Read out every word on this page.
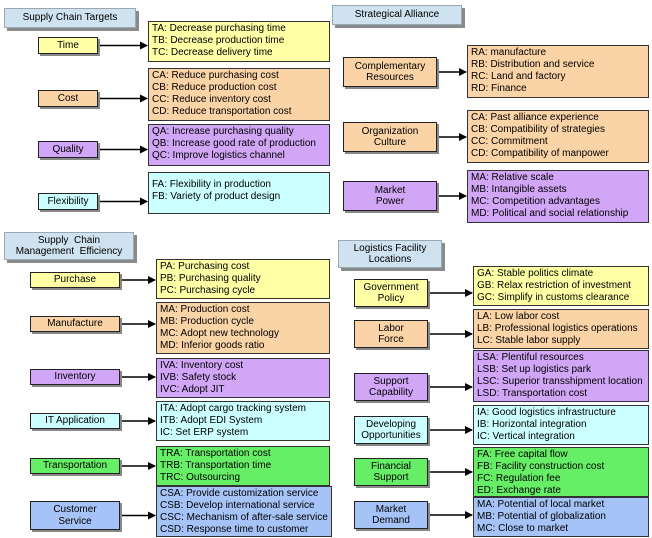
Supply Chain Targets	Strategical Alliance
Supply  Chain
Management  Efficiency	Logistics Facility
Locations
Time
TA: Decrease purchasing time
TB: Decrease production time
TC: Decrease delivery time
Cost
CA: Reduce purchasing cost
CB: Reduce production cost
CC: Reduce inventory cost
CD: Reduce transportation cost
Quality
QA: Increase purchasing quality
QB: Increase good rate of production
QC: Improve logistics channel
Flexibility
FA: Flexibility in production
FB: Variety of product design
Complementary
Resources
RA: manufacture
RB: Distribution and service
RC: Land and factory
RD: Finance
Organization
Culture
CA: Past alliance experience
CB: Compatibility of strategies
CC: Commitment
CD: Compatibility of manpower
Market
Power
MA: Relative scale
MB: Intangible assets
MC: Competition advantages
MD: Political and social relationship
Purchase
PA: Purchasing cost
PB: Purchasing quality
PC: Purchasing cycle
Manufacture
MA: Production cost
MB: Production cycle
MC: Adopt new technology
MD: Inferior goods ratio
Inventory
IVA: Inventory cost
IVB: Safety stock
IVC: Adopt JIT
IT Application
ITA: Adopt cargo tracking system
ITB: Adopt EDI System
IC: Set ERP system
Transportation
TRA: Transportation cost
TRB: Transportation time
TRC: Outsourcing
Customer
Service
CSA: Provide customization service
CSB: Develop international service
CSC: Mechanism of after-sale service
CSD: Response time to customer
Government
Policy
GA: Stable politics climate
GB: Relax restriction of investment
GC: Simplify in customs clearance
Labor
Force
LA: Low labor cost
LB: Professional logistics operations
LC: Stable labor supply
Support
Capability
LSA: Plentiful resources
LSB: Set up logistics park
LSC: Superior transshipment location
LSD: Transportation cost
Developing
Opportunities
IA: Good logistics infrastructure
IB: Horizontal integration
IC: Vertical integration
Financial
Support
FA: Free capital flow
FB: Facility construction cost
FC: Regulation fee
ED: Exchange rate
Market
Demand
MA: Potential of local market
MB: Potential of globalization
MC: Close to market
